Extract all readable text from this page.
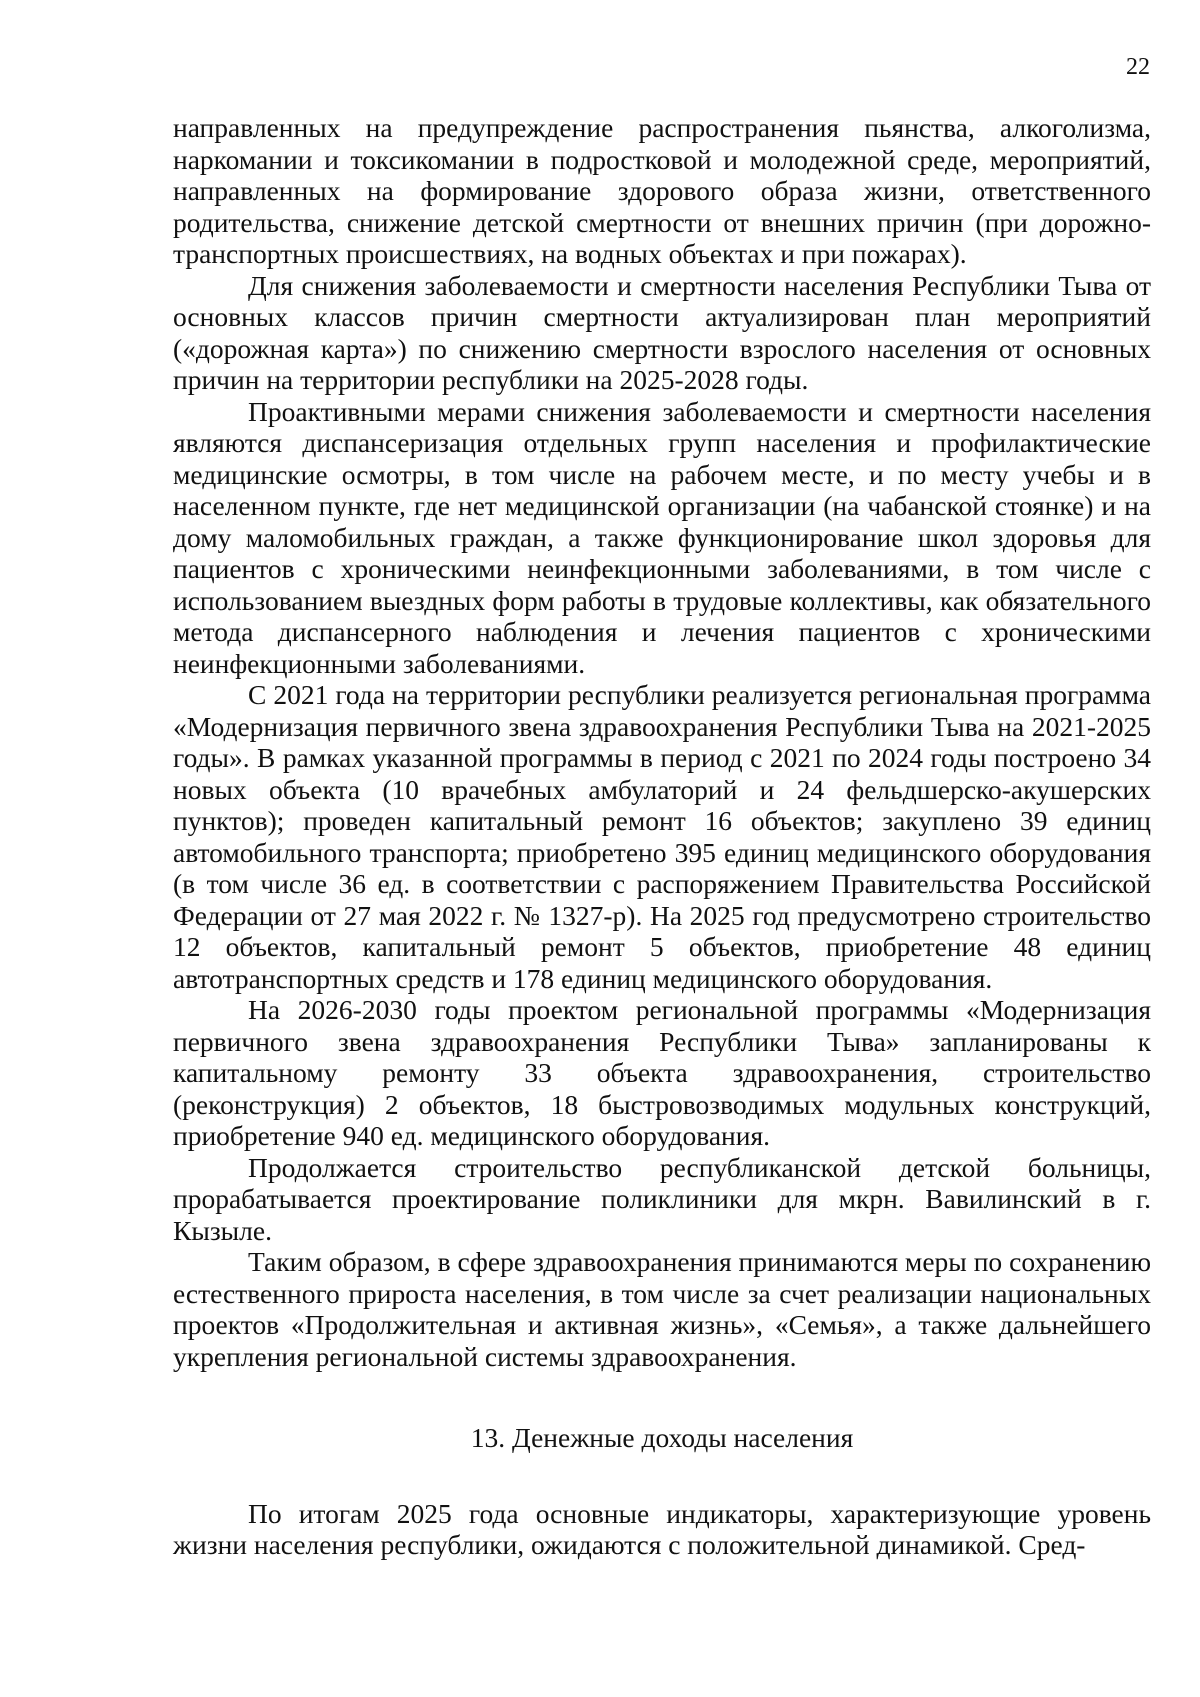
22

направленных на предупреждение распространения пьянства, алкоголизма, наркомании и токсикомании в подростковой и молодежной среде, мероприятий, направленных на формирование здорового образа жизни, ответственного родительства, снижение детской смертности от внешних причин (при дорожно-транспортных происшествиях, на водных объектах и при пожарах).

Для снижения заболеваемости и смертности населения Республики Тыва от основных классов причин смертности актуализирован план мероприятий («дорожная карта») по снижению смертности взрослого населения от основных причин на территории республики на 2025-2028 годы.

Проактивными мерами снижения заболеваемости и смертности населения являются диспансеризация отдельных групп населения и профилактические медицинские осмотры, в том числе на рабочем месте, и по месту учебы и в населенном пункте, где нет медицинской организации (на чабанской стоянке) и на дому маломобильных граждан, а также функционирование школ здоровья для пациентов с хроническими неинфекционными заболеваниями, в том числе с использованием выездных форм работы в трудовые коллективы, как обязательного метода диспансерного наблюдения и лечения пациентов с хроническими неинфекционными заболеваниями.

С 2021 года на территории республики реализуется региональная программа «Модернизация первичного звена здравоохранения Республики Тыва на 2021-2025 годы». В рамках указанной программы в период с 2021 по 2024 годы построено 34 новых объекта (10 врачебных амбулаторий и 24 фельдшерско-акушерских пунктов); проведен капитальный ремонт 16 объектов; закуплено 39 единиц автомобильного транспорта; приобретено 395 единиц медицинского оборудования (в том числе 36 ед. в соответствии с распоряжением Правительства Российской Федерации от 27 мая 2022 г. № 1327-р). На 2025 год предусмотрено строительство 12 объектов, капитальный ремонт 5 объектов, приобретение 48 единиц автотранспортных средств и 178 единиц медицинского оборудования.

На 2026-2030 годы проектом региональной программы «Модернизация первичного звена здравоохранения Республики Тыва» запланированы к капитальному ремонту 33 объекта здравоохранения, строительство (реконструкция) 2 объектов, 18 быстровозводимых модульных конструкций, приобретение 940 ед. медицинского оборудования.

Продолжается строительство республиканской детской больницы, прорабатывается проектирование поликлиники для мкрн. Вавилинский в г. Кызыле.

Таким образом, в сфере здравоохранения принимаются меры по сохранению естественного прироста населения, в том числе за счет реализации национальных проектов «Продолжительная и активная жизнь», «Семья», а также дальнейшего укрепления региональной системы здравоохранения.

13. Денежные доходы населения

По итогам 2025 года основные индикаторы, характеризующие уровень жизни населения республики, ожидаются с положительной динамикой. Сред-
